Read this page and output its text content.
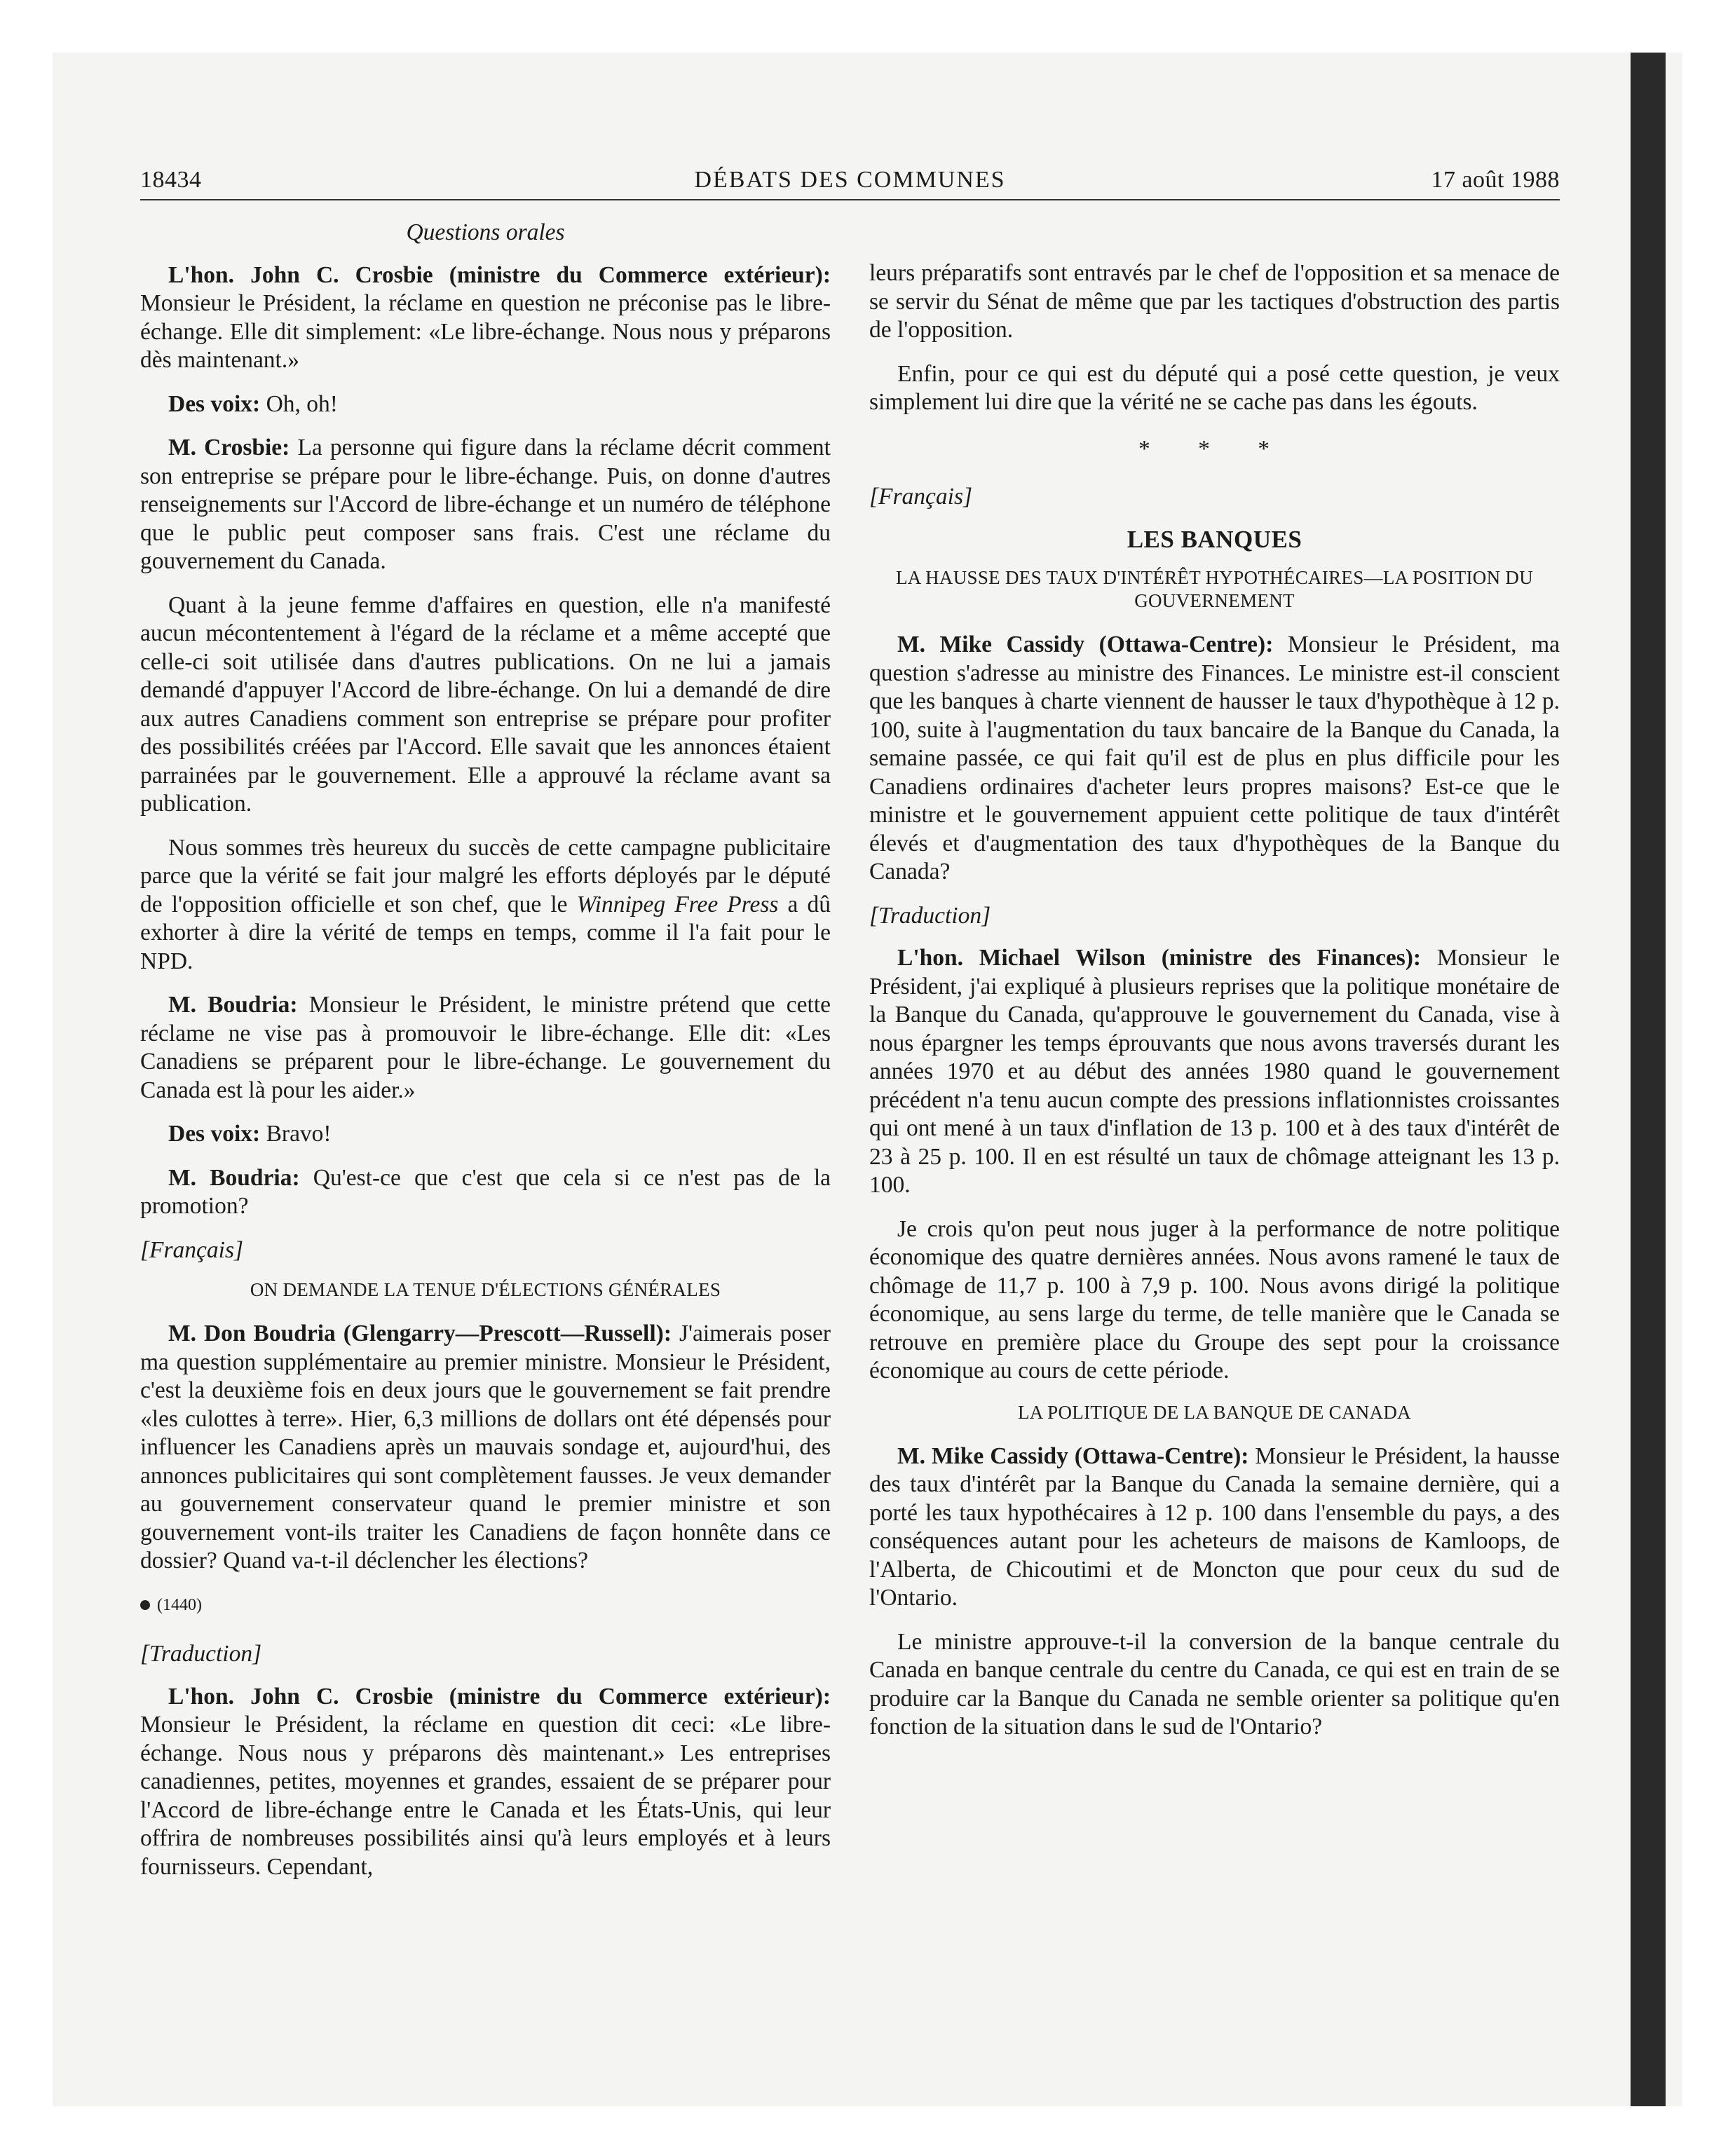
18434	DÉBATS DES COMMUNES	17 août 1988
Questions orales

L'hon. John C. Crosbie (ministre du Commerce extérieur): Monsieur le Président, la réclame en question ne préconise pas le libre-échange. Elle dit simplement: «Le libre-échange. Nous nous y préparons dès maintenant.»

Des voix: Oh, oh!

M. Crosbie: La personne qui figure dans la réclame décrit comment son entreprise se prépare pour le libre-échange. Puis, on donne d'autres renseignements sur l'Accord de libre-échange et un numéro de téléphone que le public peut composer sans frais. C'est une réclame du gouvernement du Canada.

Quant à la jeune femme d'affaires en question, elle n'a manifesté aucun mécontentement à l'égard de la réclame et a même accepté que celle-ci soit utilisée dans d'autres publications. On ne lui a jamais demandé d'appuyer l'Accord de libre-échange. On lui a demandé de dire aux autres Canadiens comment son entreprise se prépare pour profiter des possibilités créées par l'Accord. Elle savait que les annonces étaient parrainées par le gouvernement. Elle a approuvé la réclame avant sa publication.

Nous sommes très heureux du succès de cette campagne publicitaire parce que la vérité se fait jour malgré les efforts déployés par le député de l'opposition officielle et son chef, que le Winnipeg Free Press a dû exhorter à dire la vérité de temps en temps, comme il l'a fait pour le NPD.

M. Boudria: Monsieur le Président, le ministre prétend que cette réclame ne vise pas à promouvoir le libre-échange. Elle dit: «Les Canadiens se préparent pour le libre-échange. Le gouvernement du Canada est là pour les aider.»

Des voix: Bravo!

M. Boudria: Qu'est-ce que c'est que cela si ce n'est pas de la promotion?

[Français]
ON DEMANDE LA TENUE D'ÉLECTIONS GÉNÉRALES

M. Don Boudria (Glengarry—Prescott—Russell): J'aimerais poser ma question supplémentaire au premier ministre. Monsieur le Président, c'est la deuxième fois en deux jours que le gouvernement se fait prendre «les culottes à terre». Hier, 6,3 millions de dollars ont été dépensés pour influencer les Canadiens après un mauvais sondage et, aujourd'hui, des annonces publicitaires qui sont complètement fausses. Je veux demander au gouvernement conservateur quand le premier ministre et son gouvernement vont-ils traiter les Canadiens de façon honnête dans ce dossier? Quand va-t-il déclencher les élections?

(1440)
[Traduction]

L'hon. John C. Crosbie (ministre du Commerce extérieur): Monsieur le Président, la réclame en question dit ceci: «Le libre-échange. Nous nous y préparons dès maintenant.» Les entreprises canadiennes, petites, moyennes et grandes, essaient de se préparer pour l'Accord de libre-échange entre le Canada et les États-Unis, qui leur offrira de nombreuses possibilités ainsi qu'à leurs employés et à leurs fournisseurs. Cependant,

leurs préparatifs sont entravés par le chef de l'opposition et sa menace de se servir du Sénat de même que par les tactiques d'obstruction des partis de l'opposition.

Enfin, pour ce qui est du député qui a posé cette question, je veux simplement lui dire que la vérité ne se cache pas dans les égouts.

* * *
[Français]
LES BANQUES
LA HAUSSE DES TAUX D'INTÉRÊT HYPOTHÉCAIRES—LA POSITION DU GOUVERNEMENT

M. Mike Cassidy (Ottawa-Centre): Monsieur le Président, ma question s'adresse au ministre des Finances. Le ministre est-il conscient que les banques à charte viennent de hausser le taux d'hypothèque à 12 p. 100, suite à l'augmentation du taux bancaire de la Banque du Canada, la semaine passée, ce qui fait qu'il est de plus en plus difficile pour les Canadiens ordinaires d'acheter leurs propres maisons? Est-ce que le ministre et le gouvernement appuient cette politique de taux d'intérêt élevés et d'augmentation des taux d'hypothèques de la Banque du Canada?

[Traduction]

L'hon. Michael Wilson (ministre des Finances): Monsieur le Président, j'ai expliqué à plusieurs reprises que la politique monétaire de la Banque du Canada, qu'approuve le gouvernement du Canada, vise à nous épargner les temps éprouvants que nous avons traversés durant les années 1970 et au début des années 1980 quand le gouvernement précédent n'a tenu aucun compte des pressions inflationnistes croissantes qui ont mené à un taux d'inflation de 13 p. 100 et à des taux d'intérêt de 23 à 25 p. 100. Il en est résulté un taux de chômage atteignant les 13 p. 100.

Je crois qu'on peut nous juger à la performance de notre politique économique des quatre dernières années. Nous avons ramené le taux de chômage de 11,7 p. 100 à 7,9 p. 100. Nous avons dirigé la politique économique, au sens large du terme, de telle manière que le Canada se retrouve en première place du Groupe des sept pour la croissance économique au cours de cette période.

LA POLITIQUE DE LA BANQUE DE CANADA

M. Mike Cassidy (Ottawa-Centre): Monsieur le Président, la hausse des taux d'intérêt par la Banque du Canada la semaine dernière, qui a porté les taux hypothécaires à 12 p. 100 dans l'ensemble du pays, a des conséquences autant pour les acheteurs de maisons de Kamloops, de l'Alberta, de Chicoutimi et de Moncton que pour ceux du sud de l'Ontario.

Le ministre approuve-t-il la conversion de la banque centrale du Canada en banque centrale du centre du Canada, ce qui est en train de se produire car la Banque du Canada ne semble orienter sa politique qu'en fonction de la situation dans le sud de l'Ontario?
